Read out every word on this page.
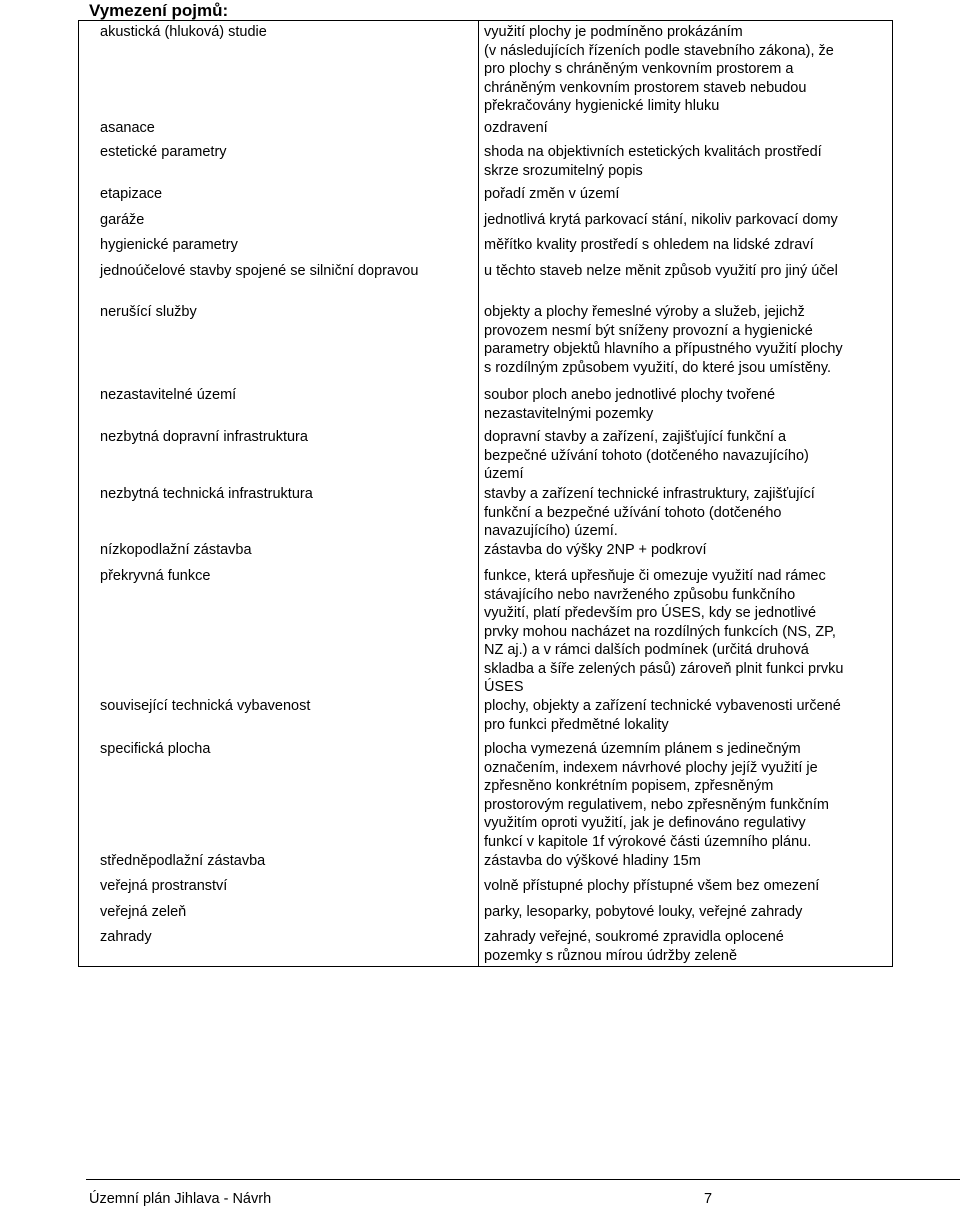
Vymezení pojmů:
akustická (hluková) studie	využití plochy je podmíněno prokázáním
(v následujících řízeních podle stavebního zákona), že
pro plochy s chráněným venkovním prostorem a
chráněným venkovním prostorem staveb nebudou
překračovány hygienické limity hluku
asanace	ozdravení
estetické parametry	shoda na objektivních estetických kvalitách prostředí
skrze srozumitelný popis
etapizace	pořadí změn v území
garáže	jednotlivá krytá parkovací stání, nikoliv parkovací domy
hygienické parametry	měřítko kvality prostředí s ohledem na lidské zdraví
jednoúčelové stavby spojené se silniční dopravou	u těchto staveb nelze měnit způsob využití pro jiný účel
nerušící služby	objekty a plochy řemeslné výroby a služeb, jejichž
provozem nesmí být sníženy provozní a hygienické
parametry objektů hlavního a přípustného využití plochy
s rozdílným způsobem využití, do které jsou umístěny.
nezastavitelné území	soubor ploch anebo jednotlivé plochy tvořené
nezastavitelnými pozemky
nezbytná dopravní infrastruktura	dopravní stavby a zařízení, zajišťující funkční a
bezpečné užívání tohoto (dotčeného navazujícího)
území
nezbytná technická infrastruktura	stavby a zařízení technické infrastruktury, zajišťující
funkční a bezpečné užívání tohoto (dotčeného
navazujícího) území.
nízkopodlažní zástavba	zástavba do výšky 2NP + podkroví
překryvná funkce	funkce, která upřesňuje či omezuje využití nad rámec
stávajícího nebo navrženého způsobu funkčního
využití, platí především pro ÚSES, kdy se jednotlivé
prvky mohou nacházet na rozdílných funkcích (NS, ZP,
NZ aj.) a v rámci dalších podmínek (určitá druhová
skladba a šíře zelených pásů) zároveň plnit funkci prvku
ÚSES
související technická vybavenost	plochy, objekty a zařízení technické vybavenosti určené
pro funkci předmětné lokality
specifická plocha	plocha vymezená územním plánem s jedinečným
označením, indexem návrhové plochy jejíž využití je
zpřesněno konkrétním popisem, zpřesněným
prostorovým regulativem, nebo zpřesněným funkčním
využitím oproti využití, jak je definováno regulativy
funkcí v kapitole 1f výrokové části územního plánu.
středněpodlažní zástavba	zástavba do výškové hladiny 15m
veřejná prostranství	volně přístupné plochy přístupné všem bez omezení
veřejná zeleň	parky, lesoparky, pobytové louky, veřejné zahrady
zahrady	zahrady veřejné, soukromé zpravidla oplocené
pozemky s různou mírou údržby zeleně
Územní plán Jihlava - Návrh	7
